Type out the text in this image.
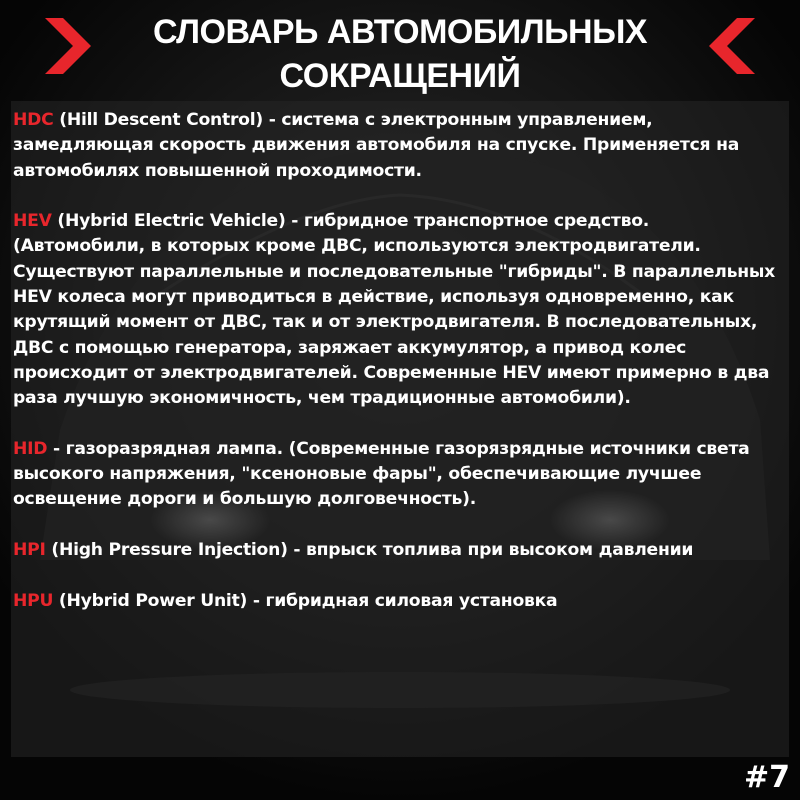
СЛОВАРЬ АВТОМОБИЛЬНЫХ
СОКРАЩЕНИЙ

HDC (Hill Descent Control) - система с электронным управлением, замедляющая скорость движения автомобиля на спуске. Применяется на автомобилях повышенной проходимости.

HEV (Hybrid Electric Vehicle) - гибридное транспортное средство. (Автомобили, в которых кроме ДВС, используются электродвигатели. Существуют параллельные и последовательные "гибриды". В параллельных HEV колеса могут приводиться в действие, используя одновременно, как крутящий момент от ДВС, так и от электродвигателя. В последовательных, ДВС с помощью генератора, заряжает аккумулятор, а привод колес происходит от электродвигателей. Современные HEV имеют примерно в два раза лучшую экономичность, чем традиционные автомобили).

HID - газоразрядная лампа. (Современные газорязрядные источники света высокого напряжения, "ксеноновые фары", обеспечивающие лучшее освещение дороги и большую долговечность).

HPI (High Pressure Injection) - впрыск топлива при высоком давлении

HPU (Hybrid Power Unit) - гибридная силовая установка

#7
